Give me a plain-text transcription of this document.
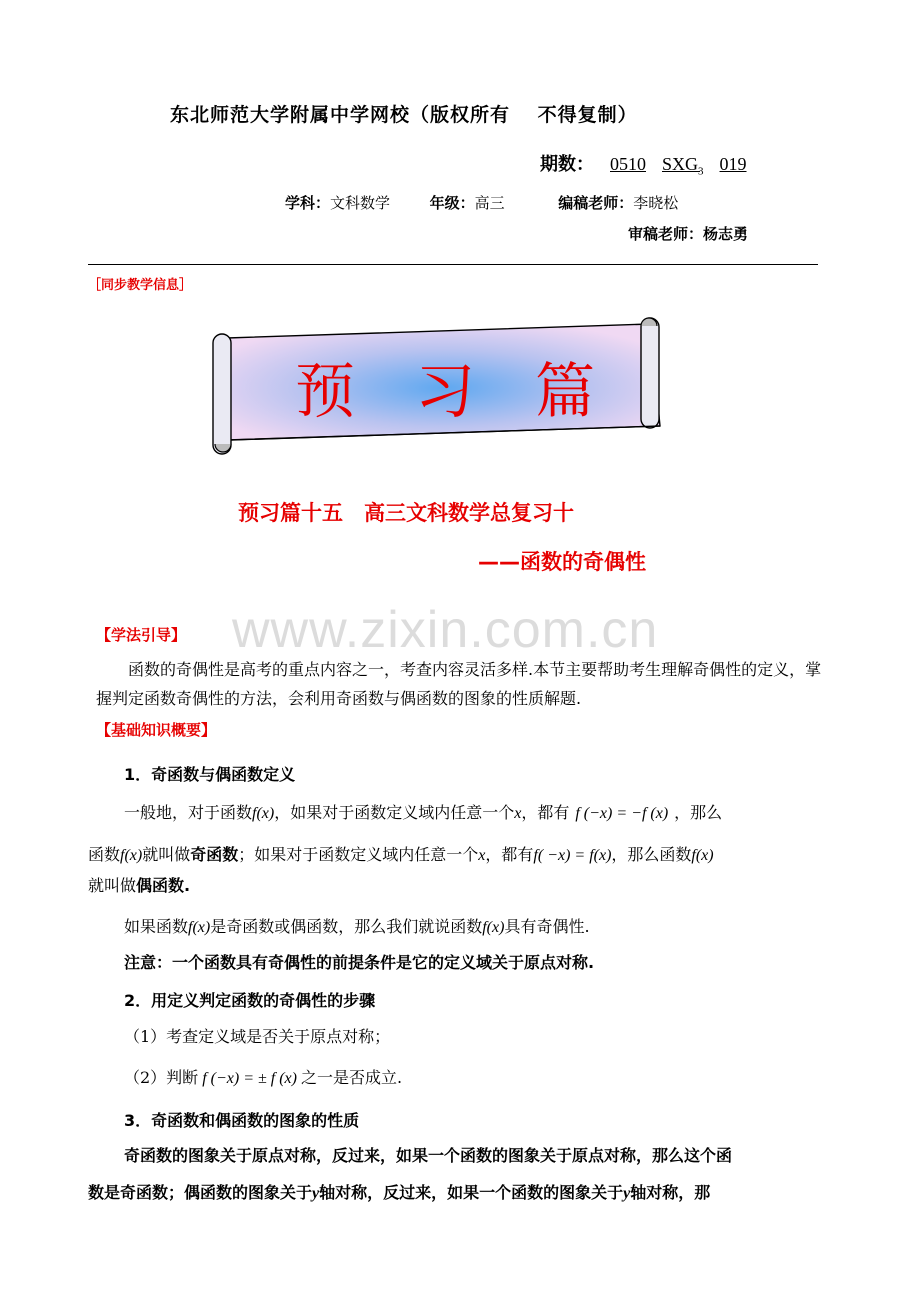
东北师范大学附属中学网校（版权所有　 不得复制）
期数： 0510 $SXG_3$ 019
学科：文科数学	年级：高三	编稿老师：李晓松
审稿老师：杨志勇
［同步教学信息］
预　习　篇
预习篇十五　高三文科数学总复习十
——函数的奇偶性
www.zixin.com.cn
【学法引导】
函数的奇偶性是高考的重点内容之一，考查内容灵活多样.本节主要帮助考生理解奇偶性的定义，掌握判定函数奇偶性的方法，会利用奇函数与偶函数的图象的性质解题.
【基础知识概要】
1．奇函数与偶函数定义
一般地，对于函数f(x)，如果对于函数定义域内任意一个x，都有 f (−x) = −f (x) ，那么
函数f(x)就叫做奇函数；如果对于函数定义域内任意一个x，都有f( −x) = f(x)，那么函数f(x)
就叫做偶函数.
如果函数f(x)是奇函数或偶函数，那么我们就说函数f(x)具有奇偶性.
注意：一个函数具有奇偶性的前提条件是它的定义域关于原点对称.
2．用定义判定函数的奇偶性的步骤
（1）考查定义域是否关于原点对称；
（2）判断 f (−x) = ± f (x) 之一是否成立.
3．奇函数和偶函数的图象的性质
奇函数的图象关于原点对称，反过来，如果一个函数的图象关于原点对称，那么这个函
数是奇函数；偶函数的图象关于y轴对称，反过来，如果一个函数的图象关于y轴对称，那
